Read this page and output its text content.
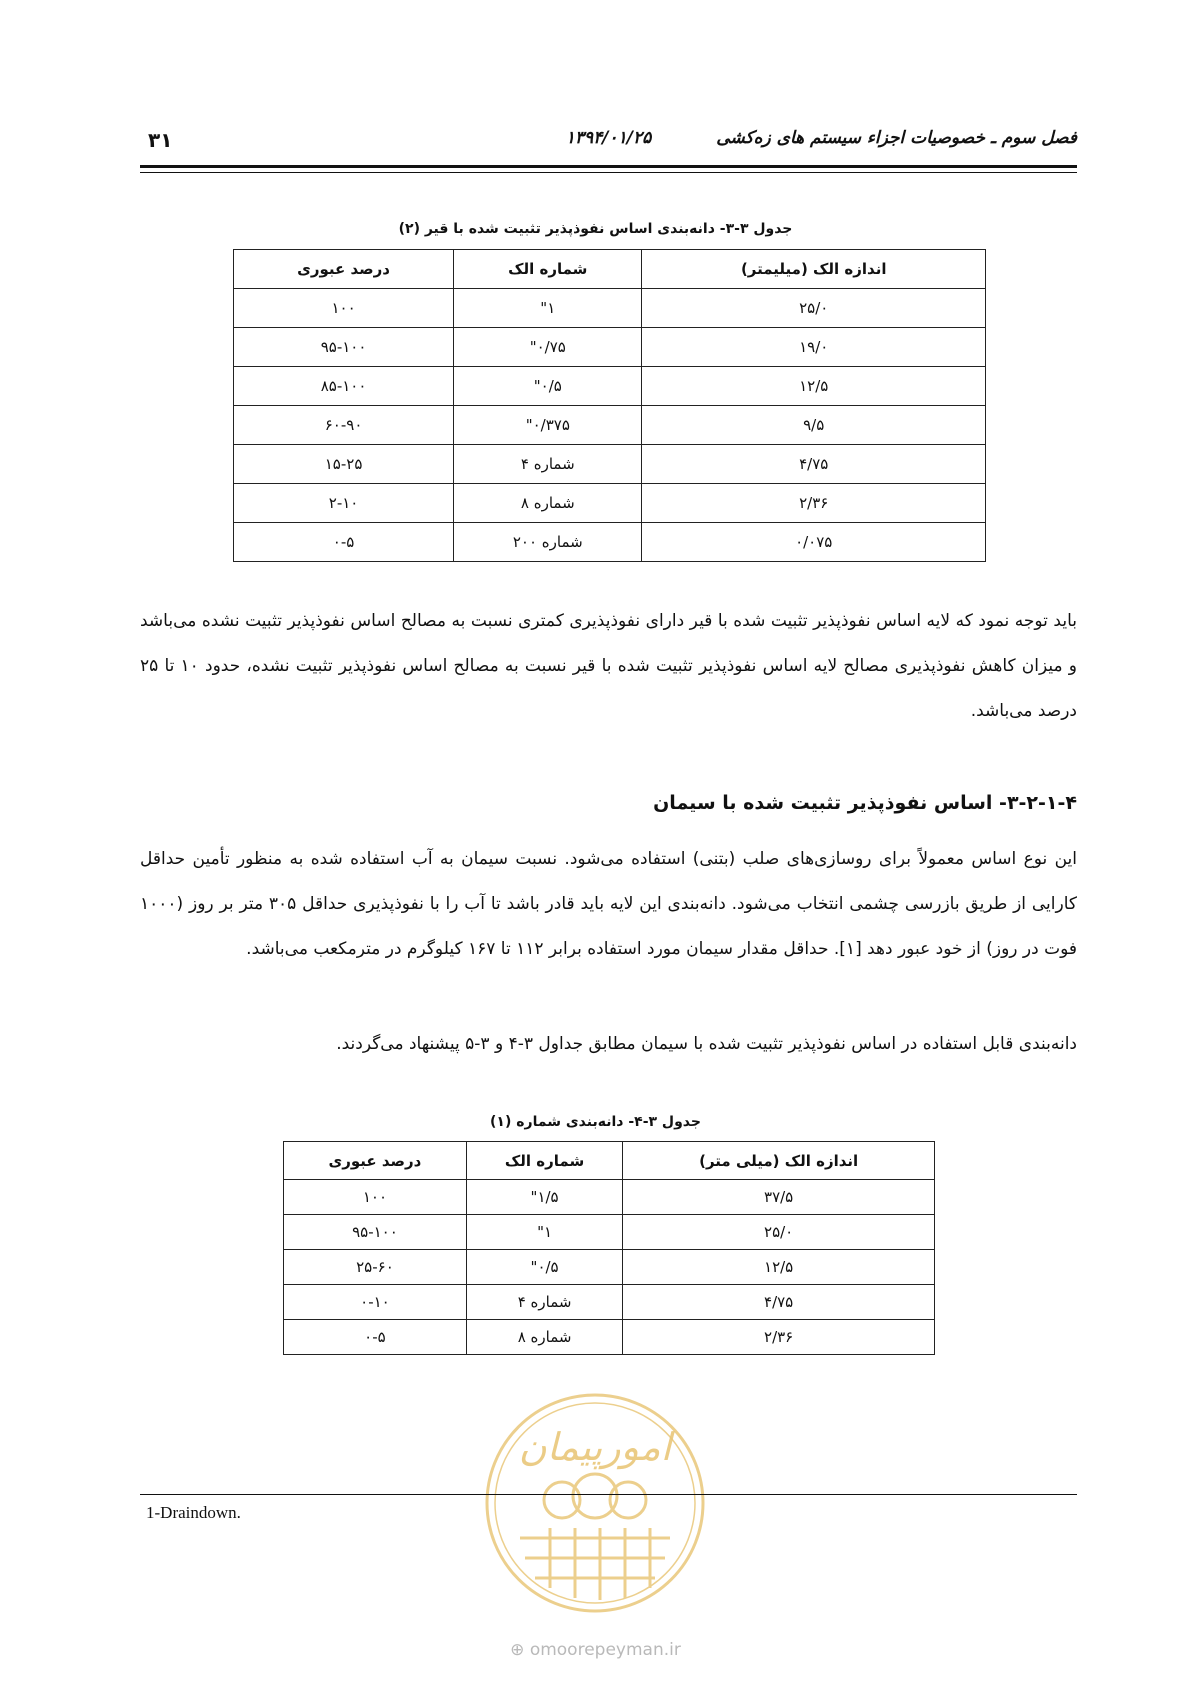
۳۱	۱۳۹۴/۰۱/۲۵	فصل سوم ـ خصوصیات اجزاء سیستم های زه‌کشی
جدول ۳-۳- دانه‌بندی اساس نفوذپذیر تثبیت شده با قیر (۲)
اندازه الک (میلیمتر)	شماره الک	درصد عبوری
۲۵/۰	۱"	۱۰۰
۱۹/۰	۰/۷۵"	۹۵-۱۰۰
۱۲/۵	۰/۵"	۸۵-۱۰۰
۹/۵	۰/۳۷۵"	۶۰-۹۰
۴/۷۵	شماره ۴	۱۵-۲۵
۲/۳۶	شماره ۸	۲-۱۰
۰/۰۷۵	شماره ۲۰۰	۰-۵
باید توجه نمود که لایه اساس نفوذپذیر تثبیت شده با قیر دارای نفوذپذیری کمتری نسبت به مصالح اساس نفوذپذیر تثبیت نشده می‌باشد و میزان کاهش نفوذپذیری مصالح لایه اساس نفوذپذیر تثبیت شده با قیر نسبت به مصالح اساس نفوذپذیر تثبیت نشده، حدود ۱۰ تا ۲۵ درصد می‌باشد.
۳-۲-۱-۴- اساس نفوذپذیر تثبیت شده با سیمان
این نوع اساس معمولاً برای روسازی‌های صلب (بتنی) استفاده می‌شود. نسبت سیمان به آب استفاده شده به منظور تأمین حداقل کارایی از طریق بازرسی چشمی انتخاب می‌شود. دانه‌بندی این لایه باید قادر باشد تا آب را با نفوذپذیری حداقل ۳۰۵ متر بر روز (۱۰۰۰ فوت در روز) از خود عبور دهد [۱]. حداقل مقدار سیمان مورد استفاده برابر ۱۱۲ تا ۱۶۷ کیلوگرم در مترمکعب می‌باشد.
دانه‌بندی قابل استفاده در اساس نفوذپذیر تثبیت شده با سیمان مطابق جداول ۳-۴ و ۳-۵ پیشنهاد می‌گردند.
جدول ۳-۴- دانه‌بندی شماره (۱)
اندازه الک (میلی متر)	شماره الک	درصد عبوری
۳۷/۵	۱/۵"	۱۰۰
۲۵/۰	۱"	۹۵-۱۰۰
۱۲/۵	۰/۵"	۲۵-۶۰
۴/۷۵	شماره ۴	۰-۱۰
۲/۳۶	شماره ۸	۰-۵
امورپیمان
⊕ omoorepeyman.ir
1-Draindown.
